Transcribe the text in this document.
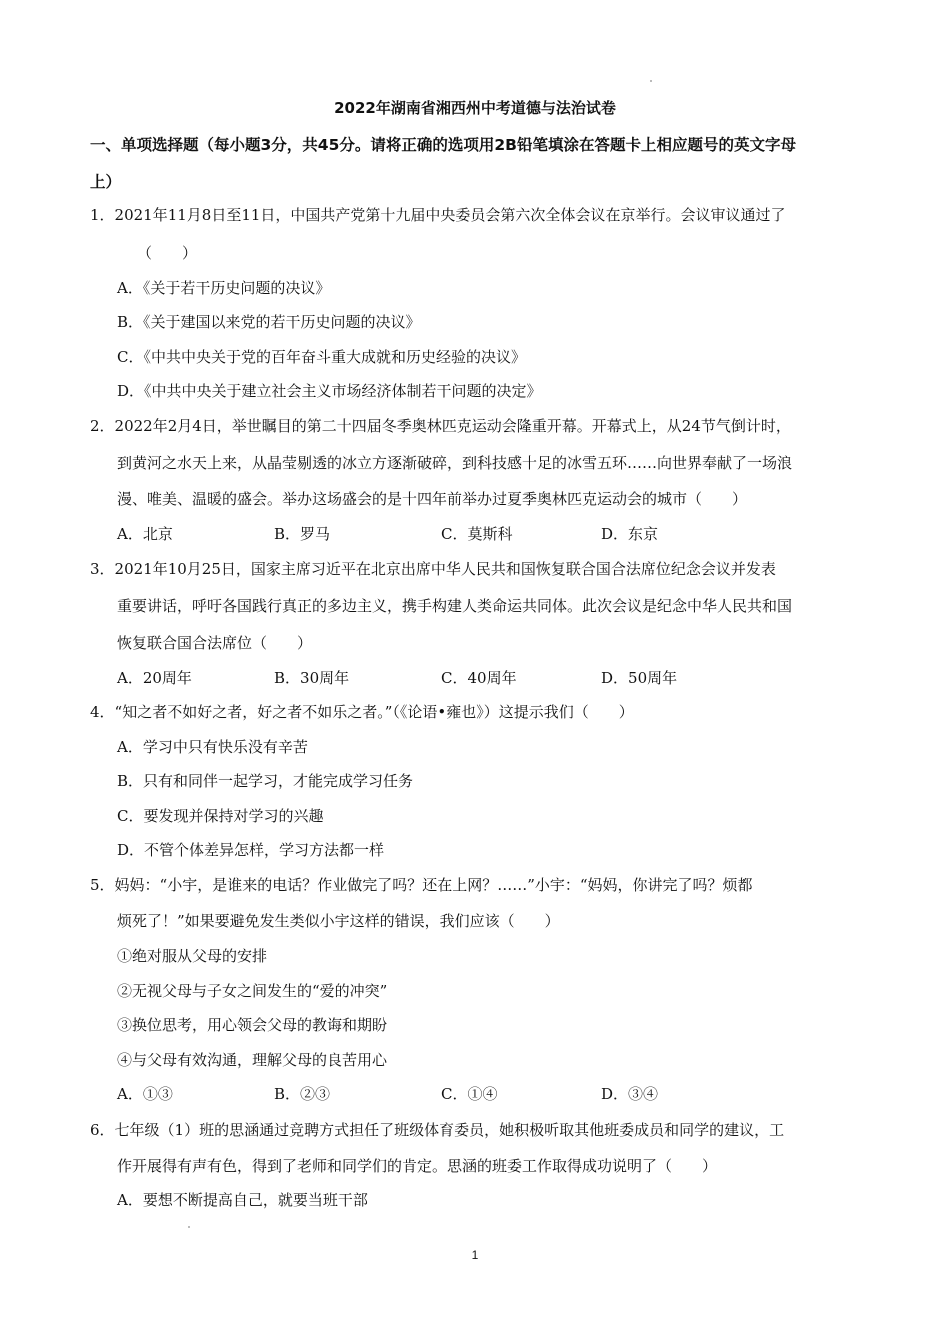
2022年湖南省湘西州中考道德与法治试卷
一、单项选择题（每小题3分，共45分。请将正确的选项用2B铅笔填涂在答题卡上相应题号的英文字母
上）
1．2021年11月8日至11日，中国共产党第十九届中央委员会第六次全体会议在京举行。会议审议通过了
（　　）
A．《关于若干历史问题的决议》
B．《关于建国以来党的若干历史问题的决议》
C．《中共中央关于党的百年奋斗重大成就和历史经验的决议》
D．《中共中央关于建立社会主义市场经济体制若干问题的决定》
2．2022年2月4日，举世瞩目的第二十四届冬季奥林匹克运动会隆重开幕。开幕式上，从24节气倒计时，
到黄河之水天上来，从晶莹剔透的冰立方逐渐破碎，到科技感十足的冰雪五环……向世界奉献了一场浪
漫、唯美、温暖的盛会。举办这场盛会的是十四年前举办过夏季奥林匹克运动会的城市（　　）
A．北京	B．罗马	C．莫斯科	D．东京
3．2021年10月25日，国家主席习近平在北京出席中华人民共和国恢复联合国合法席位纪念会议并发表
重要讲话，呼吁各国践行真正的多边主义，携手构建人类命运共同体。此次会议是纪念中华人民共和国
恢复联合国合法席位（　　）
A．20周年	B．30周年	C．40周年	D．50周年
4．“知之者不如好之者，好之者不如乐之者。”（《论语•雍也》）这提示我们（　　）
A．学习中只有快乐没有辛苦
B．只有和同伴一起学习，才能完成学习任务
C．要发现并保持对学习的兴趣
D．不管个体差异怎样，学习方法都一样
5．妈妈：“小宇，是谁来的电话？作业做完了吗？还在上网？……”小宇：“妈妈，你讲完了吗？烦都
烦死了！”如果要避免发生类似小宇这样的错误，我们应该（　　）
①绝对服从父母的安排
②无视父母与子女之间发生的“爱的冲突”
③换位思考，用心领会父母的教诲和期盼
④与父母有效沟通，理解父母的良苦用心
A．①③	B．②③	C．①④	D．③④
6．七年级（1）班的思涵通过竞聘方式担任了班级体育委员，她积极听取其他班委成员和同学的建议，工
作开展得有声有色，得到了老师和同学们的肯定。思涵的班委工作取得成功说明了（　　）
A．要想不断提高自己，就要当班干部
1
